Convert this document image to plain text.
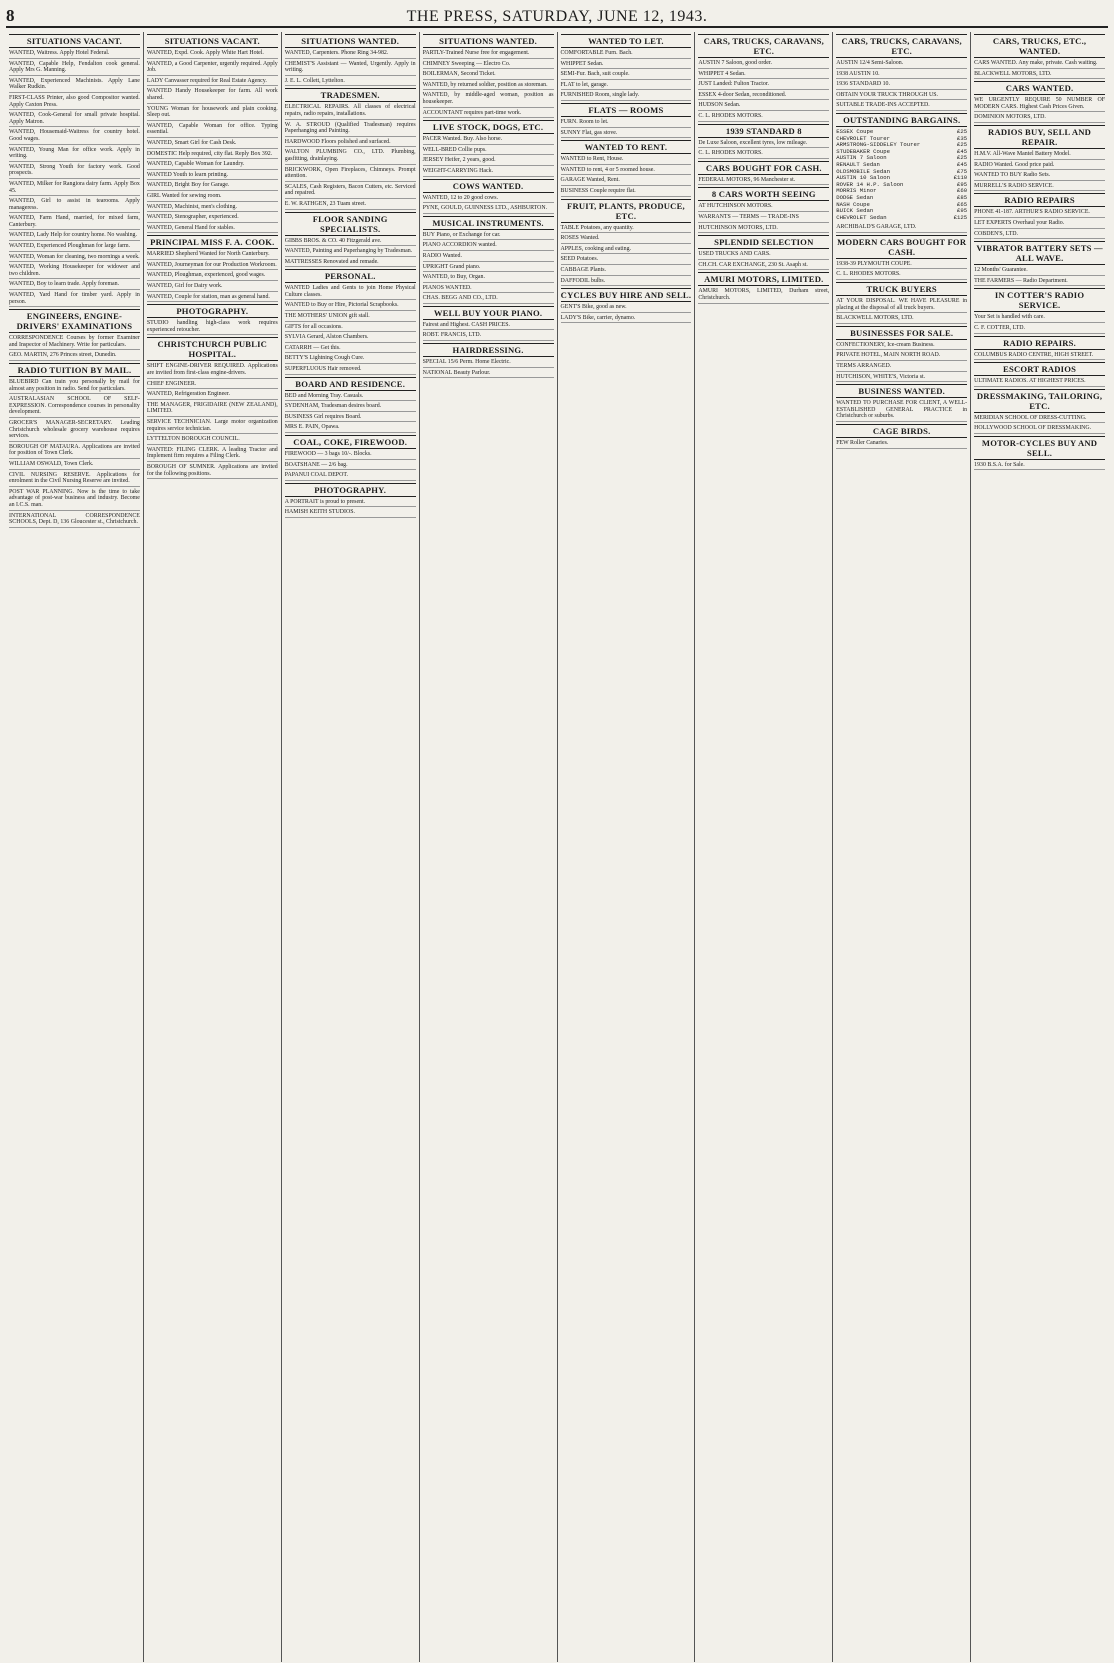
8	THE PRESS, SATURDAY, JUNE 12, 1943.
SITUATIONS VACANT.

WANTED, Waitress. Apply Hotel Federal.

WANTED, Capable Help, Fendalton cook general. Apply Mrs G. Manning.

WANTED, Experienced Machinists. Apply Lane Walker Rudkin.

FIRST-CLASS Printer, also good Compositor wanted. Apply Caxton Press.

WANTED, Cook-General for small private hospital. Apply Matron.

WANTED, Housemaid-Waitress for country hotel. Good wages.

WANTED, Young Man for office work. Apply in writing.

WANTED, Strong Youth for factory work. Good prospects.

WANTED, Milker for Rangiora dairy farm. Apply Box 45.

WANTED, Girl to assist in tearooms. Apply manageress.

WANTED, Farm Hand, married, for mixed farm, Canterbury.

WANTED, Lady Help for country home. No washing.

WANTED, Experienced Ploughman for large farm.

WANTED, Woman for cleaning, two mornings a week.

WANTED, Working Housekeeper for widower and two children.

WANTED, Boy to learn trade. Apply foreman.

WANTED, Yard Hand for timber yard. Apply in person.

ENGINEERS, ENGINE-DRIVERS' EXAMINATIONS

CORRESPONDENCE Courses by former Examiner and Inspector of Machinery. Write for particulars.

GEO. MARTIN, 276 Princes street, Dunedin.

RADIO TUITION BY MAIL.

BLUEBIRD Can train you personally by mail for almost any position in radio. Send for particulars.

AUSTRALASIAN SCHOOL OF SELF-EXPRESSION. Correspondence courses in personality development.

GROCER'S MANAGER-SECRETARY. Leading Christchurch wholesale grocery warehouse requires services.

BOROUGH OF MATAURA. Applications are invited for position of Town Clerk.

WILLIAM OSWALD, Town Clerk.

CIVIL NURSING RESERVE. Applications for enrolment in the Civil Nursing Reserve are invited.

POST WAR PLANNING. Now is the time to take advantage of post-war business and industry. Become an I.C.S. man.

INTERNATIONAL CORRESPONDENCE SCHOOLS, Dept. D, 136 Gloucester st., Christchurch.

SITUATIONS VACANT.

WANTED, Expd. Cook. Apply White Hart Hotel.

WANTED, a Good Carpenter, urgently required. Apply Job.

LADY Canvasser required for Real Estate Agency.

WANTED Handy Housekeeper for farm. All work shared.

YOUNG Woman for housework and plain cooking. Sleep out.

WANTED, Capable Woman for office. Typing essential.

WANTED, Smart Girl for Cash Desk.

DOMESTIC Help required, city flat. Reply Box 392.

WANTED, Capable Woman for Laundry.

WANTED Youth to learn printing.

WANTED, Bright Boy for Garage.

GIRL Wanted for sewing room.

WANTED, Machinist, men's clothing.

WANTED, Stenographer, experienced.

WANTED, General Hand for stables.

PRINCIPAL MISS F. A. COOK.

MARRIED Shepherd Wanted for North Canterbury.

WANTED, Journeyman for our Production Workroom.

WANTED, Ploughman, experienced, good wages.

WANTED, Girl for Dairy work.

WANTED, Couple for station, man as general hand.

PHOTOGRAPHY.

STUDIO handling high-class work requires experienced retoucher.

CHRISTCHURCH PUBLIC HOSPITAL.

SHIFT ENGINE-DRIVER REQUIRED. Applications are invited from first-class engine-drivers.

CHIEF ENGINEER.

WANTED, Refrigeration Engineer.

THE MANAGER, FRIGIDAIRE (NEW ZEALAND), LIMITED.

SERVICE TECHNICIAN. Large motor organization requires service technician.

LYTTELTON BOROUGH COUNCIL.

WANTED: FILING CLERK. A leading Tractor and Implement firm requires a Filing Clerk.

BOROUGH OF SUMNER. Applications are invited for the following positions.

SITUATIONS WANTED.

WANTED, Carpenters. Phone Ring 34-982.

CHEMIST'S Assistant — Wanted, Urgently. Apply in writing.

J. E. L. Collett, Lyttelton.

TRADESMEN.

ELECTRICAL REPAIRS. All classes of electrical repairs, radio repairs, installations.

W. A. STROUD (Qualified Tradesman) requires Paperhanging and Painting.

HARDWOOD Floors polished and surfaced.

WALTON PLUMBING CO., LTD. Plumbing, gasfitting, drainlaying.

BRICKWORK, Open Fireplaces, Chimneys. Prompt attention.

SCALES, Cash Registers, Bacon Cutters, etc. Serviced and repaired.

E. W. RATHGEN, 23 Tuam street.

FLOOR SANDING SPECIALISTS.

GIBBS BROS. & CO. 40 Fitzgerald ave.

WANTED, Painting and Paperhanging by Tradesman.

MATTRESSES Renovated and remade.

PERSONAL.

WANTED Ladies and Gents to join Home Physical Culture classes.

WANTED to Buy or Hire, Pictorial Scrapbooks.

THE MOTHERS' UNION gift stall.

GIFTS for all occasions.

SYLVIA Gerard, Alston Chambers.

CATARRH — Get this.

BETTY'S Lightning Cough Cure.

SUPERFLUOUS Hair removed.

BOARD AND RESIDENCE.

BED and Morning Tray. Casuals.

SYDENHAM, Tradesman desires board.

BUSINESS Girl requires Board.

MRS E. PAIN, Opawa.

COAL, COKE, FIREWOOD.

FIREWOOD — 3 bags 10/-. Blocks.

BOATSHANE — 2/6 bag.

PAPANUI COAL DEPOT.

PHOTOGRAPHY.

A PORTRAIT is proud to present.

HAMISH KEITH STUDIOS.

SITUATIONS WANTED.

PARTLY-Trained Nurse free for engagement.

CHIMNEY Sweeping — Electro Co.

BOILERMAN, Second Ticket.

WANTED, by returned soldier, position as storeman.

WANTED, by middle-aged woman, position as housekeeper.

ACCOUNTANT requires part-time work.

LIVE STOCK, DOGS, ETC.

PACER Wanted. Buy. Also horse.

WELL-BRED Collie pups.

JERSEY Heifer, 2 years, good.

WEIGHT-CARRYING Hack.

COWS WANTED.

WANTED, 12 to 20 good cows.

PYNE, GOULD, GUINNESS LTD., ASHBURTON.

MUSICAL INSTRUMENTS.

BUY Piano, or Exchange for car.

PIANO ACCORDION wanted.

RADIO Wanted.

UPRIGHT Grand piano.

WANTED, to Buy, Organ.

PIANOS WANTED.

CHAS. BEGG AND CO., LTD.

WELL BUY YOUR PIANO.

Fairest and Highest. CASH PRICES.

ROBT. FRANCIS, LTD.

HAIRDRESSING.

SPECIAL 15/6 Perm. Home Electric.

NATIONAL Beauty Parlour.

WANTED TO LET.

COMFORTABLE Furn. Bach.

WHIPPET Sedan.

SEMI-Fur. Bach, suit couple.

FLAT to let, garage.

FURNISHED Room, single lady.

FLATS — ROOMS

FURN. Room to let.

SUNNY Flat, gas stove.

WANTED TO RENT.

WANTED to Rent, House.

WANTED to rent, 4 or 5 roomed house.

GARAGE Wanted, Rent.

BUSINESS Couple require flat.

FRUIT, PLANTS, PRODUCE, ETC.

TABLE Potatoes, any quantity.

ROSES Wanted.

APPLES, cooking and eating.

SEED Potatoes.

CABBAGE Plants.

DAFFODIL bulbs.

CYCLES BUY HIRE AND SELL.

GENT'S Bike, good as new.

LADY'S Bike, carrier, dynamo.

CARS, TRUCKS, CARAVANS, ETC.

AUSTIN 7 Saloon, good order.

WHIPPET 4 Sedan.

JUST Landed: Fulton Tractor.

ESSEX 4-door Sedan, reconditioned.

HUDSON Sedan.

C. L. RHODES MOTORS.

1939 STANDARD 8

De Luxe Saloon, excellent tyres, low mileage.

C. L. RHODES MOTORS.

CARS BOUGHT FOR CASH.

FEDERAL MOTORS, 96 Manchester st.

8 CARS WORTH SEEING

AT HUTCHINSON MOTORS.

WARRANTS — TERMS — TRADE-INS

HUTCHINSON MOTORS, LTD.

SPLENDID SELECTION

USED TRUCKS AND CARS.

CH.CH. CAR EXCHANGE, 230 St. Asaph st.

AMURI MOTORS, LIMITED.

AMURI MOTORS, LIMITED, Durham street, Christchurch.

CARS, TRUCKS, CARAVANS, ETC.

AUSTIN 12/4 Semi-Saloon.

1938 AUSTIN 10.

1936 STANDARD 10.

OBTAIN YOUR TRUCK THROUGH US.

SUITABLE TRADE-INS ACCEPTED.

OUTSTANDING BARGAINS.
ESSEX Coupe	£25
CHEVROLET Tourer	£35
ARMSTRONG-SIDDELEY Tourer	£25
STUDEBAKER Coupe	£45
AUSTIN 7 Saloon	£25
RENAULT Sedan	£45
OLDSMOBILE Sedan	£75
AUSTIN 10 Saloon	£110
ROVER 14 H.P. Saloon	£95
MORRIS Minor	£60
DODGE Sedan	£85
NASH Coupe	£65
BUICK Sedan	£95
CHEVROLET Sedan	£125

ARCHIBALD'S GARAGE, LTD.

MODERN CARS BOUGHT FOR CASH.

1938-39 PLYMOUTH COUPE.

C. L. RHODES MOTORS.

TRUCK BUYERS

AT YOUR DISPOSAL. WE HAVE PLEASURE in placing at the disposal of all truck buyers.

BLACKWELL MOTORS, LTD.

BUSINESSES FOR SALE.

CONFECTIONERY, Ice-cream Business.

PRIVATE HOTEL, MAIN NORTH ROAD.

TERMS ARRANGED.

HUTCHISON, WHITE'S, Victoria st.

BUSINESS WANTED.

WANTED TO PURCHASE FOR CLIENT, A WELL-ESTABLISHED GENERAL PRACTICE in Christchurch or suburbs.

CAGE BIRDS.

FEW Roller Canaries.

CARS, TRUCKS, ETC., WANTED.

CARS WANTED. Any make, private. Cash waiting.

BLACKWELL MOTORS, LTD.

CARS WANTED.

WE URGENTLY REQUIRE 50 NUMBER OF MODERN CARS. Highest Cash Prices Given.

DOMINION MOTORS, LTD.

RADIOS BUY, SELL AND REPAIR.

H.M.V. All-Wave Mantel Battery Model.

RADIO Wanted. Good price paid.

WANTED TO BUY Radio Sets.

MURRELL'S RADIO SERVICE.

RADIO REPAIRS

PHONE 41-187. ARTHUR'S RADIO SERVICE.

LET EXPERTS Overhaul your Radio.

COBDEN'S, LTD.

VIBRATOR BATTERY SETS — ALL WAVE.

12 Months' Guarantee.

THE FARMERS — Radio Department.

IN COTTER'S RADIO SERVICE.

Your Set is handled with care.

C. F. COTTER, LTD.

RADIO REPAIRS.

COLUMBUS RADIO CENTRE, HIGH STREET.

ESCORT RADIOS

ULTIMATE RADIOS. AT HIGHEST PRICES.

DRESSMAKING, TAILORING, ETC.

MERIDIAN SCHOOL OF DRESS-CUTTING.

HOLLYWOOD SCHOOL OF DRESSMAKING.

MOTOR-CYCLES BUY AND SELL.

1930 B.S.A. for Sale.
